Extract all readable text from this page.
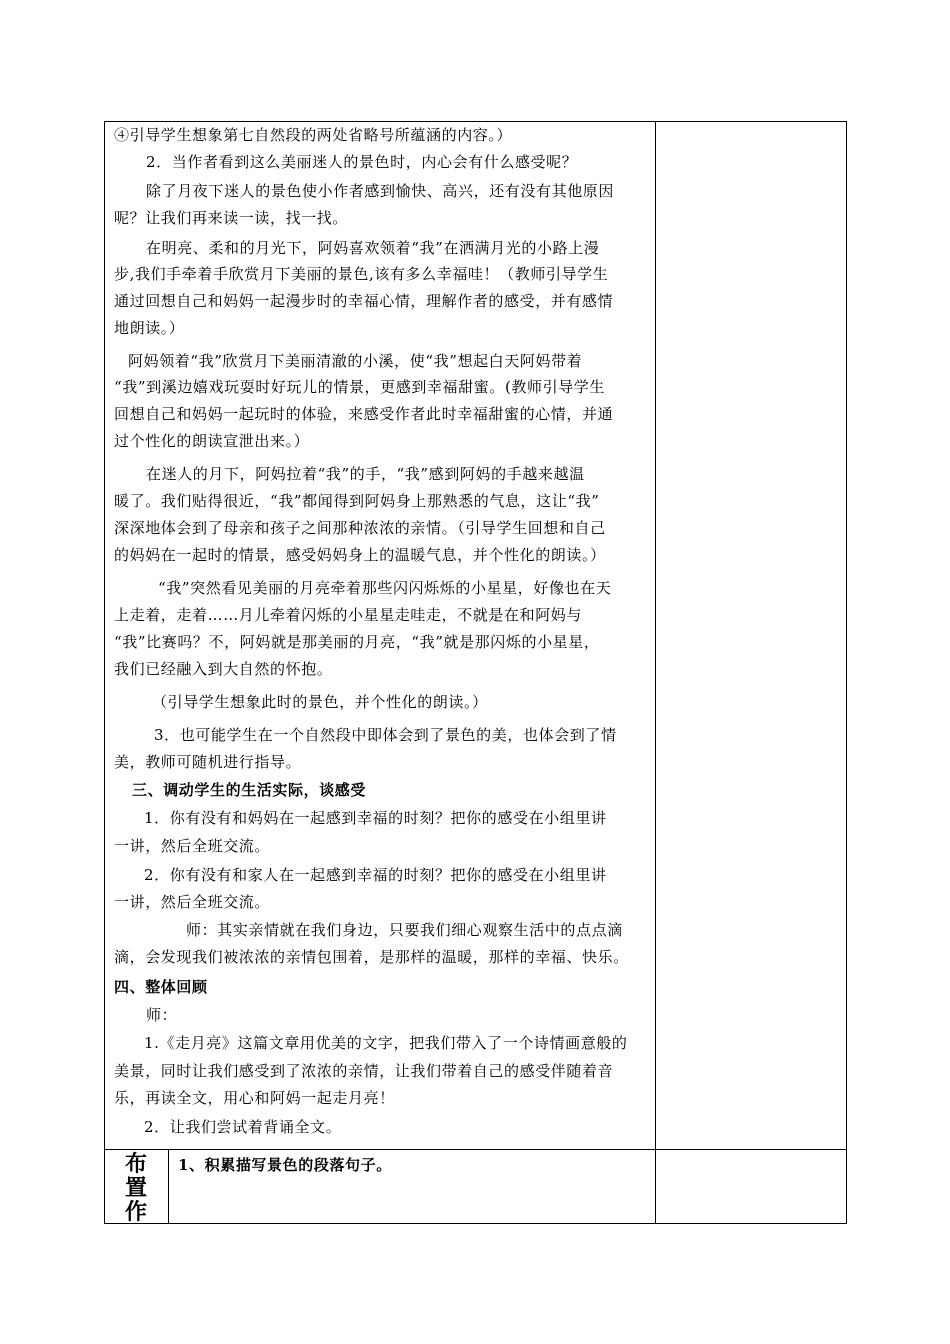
④引导学生想象第七自然段的两处省略号所蕴涵的内容。）
2．当作者看到这么美丽迷人的景色时，内心会有什么感受呢？
除了月夜下迷人的景色使小作者感到愉快、高兴，还有没有其他原因
呢？让我们再来读一读，找一找。
在明亮、柔和的月光下，阿妈喜欢领着“我”在洒满月光的小路上漫
步,我们手牵着手欣赏月下美丽的景色,该有多么幸福哇！（教师引导学生
通过回想自己和妈妈一起漫步时的幸福心情，理解作者的感受，并有感情
地朗读。）
阿妈领着“我”欣赏月下美丽清澈的小溪，使“我”想起白天阿妈带着
“我”到溪边嬉戏玩耍时好玩儿的情景，更感到幸福甜蜜。(教师引导学生
回想自己和妈妈一起玩时的体验，来感受作者此时幸福甜蜜的心情，并通
过个性化的朗读宣泄出来。）
在迷人的月下，阿妈拉着“我”的手，“我”感到阿妈的手越来越温
暖了。我们贴得很近，“我”都闻得到阿妈身上那熟悉的气息，这让“我”
深深地体会到了母亲和孩子之间那种浓浓的亲情。（引导学生回想和自己
的妈妈在一起时的情景，感受妈妈身上的温暖气息，并个性化的朗读。）
“我”突然看见美丽的月亮牵着那些闪闪烁烁的小星星，好像也在天
上走着，走着……月儿牵着闪烁的小星星走哇走，不就是在和阿妈与
“我”比赛吗？不，阿妈就是那美丽的月亮，“我”就是那闪烁的小星星，
我们已经融入到大自然的怀抱。
（引导学生想象此时的景色，并个性化的朗读。）
3．也可能学生在一个自然段中即体会到了景色的美，也体会到了情
美，教师可随机进行指导。
三、调动学生的生活实际，谈感受
1．你有没有和妈妈在一起感到幸福的时刻？把你的感受在小组里讲
一讲，然后全班交流。
2．你有没有和家人在一起感到幸福的时刻？把你的感受在小组里讲
一讲，然后全班交流。
师：其实亲情就在我们身边，只要我们细心观察生活中的点点滴
滴，会发现我们被浓浓的亲情包围着，是那样的温暖，那样的幸福、快乐。
四、整体回顾
师：
1.《走月亮》这篇文章用优美的文字，把我们带入了一个诗情画意般的
美景，同时让我们感受到了浓浓的亲情，让我们带着自己的感受伴随着音
乐，再读全文，用心和阿妈一起走月亮！
2．让我们尝试着背诵全文。
布
置
作
1、积累描写景色的段落句子。
